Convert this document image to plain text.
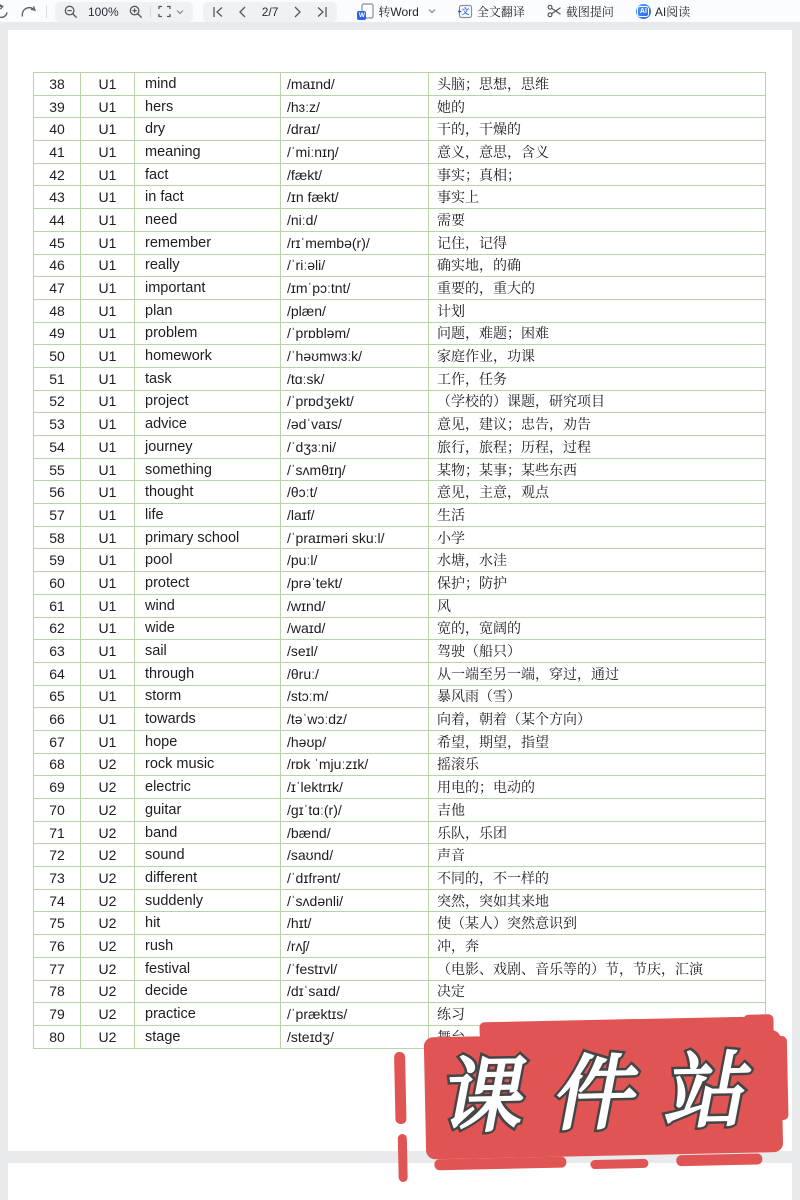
100%	2/7	W 转Word	文 全文翻译	截图提问	AI AI阅读
38	U1	mind	/maɪnd/	头脑；思想，思维
39	U1	hers	/hɜːz/	她的
40	U1	dry	/draɪ/	干的，干燥的
41	U1	meaning	/ˈmiːnɪŋ/	意义，意思，含义
42	U1	fact	/fækt/	事实；真相；
43	U1	in fact	/ɪn fækt/	事实上
44	U1	need	/niːd/	需要
45	U1	remember	/rɪˈmembə(r)/	记住，记得
46	U1	really	/ˈriːəli/	确实地，的确
47	U1	important	/ɪmˈpɔːtnt/	重要的，重大的
48	U1	plan	/plæn/	计划
49	U1	problem	/ˈprɒbləm/	问题，难题；困难
50	U1	homework	/ˈhəʊmwɜːk/	家庭作业，功课
51	U1	task	/tɑːsk/	工作，任务
52	U1	project	/ˈprɒdʒekt/	（学校的）课题，研究项目
53	U1	advice	/ədˈvaɪs/	意见，建议；忠告，劝告
54	U1	journey	/ˈdʒɜːni/	旅行，旅程；历程，过程
55	U1	something	/ˈsʌmθɪŋ/	某物；某事；某些东西
56	U1	thought	/θɔːt/	意见，主意，观点
57	U1	life	/laɪf/	生活
58	U1	primary school	/ˈpraɪməri skuːl/	小学
59	U1	pool	/puːl/	水塘，水洼
60	U1	protect	/prəˈtekt/	保护；防护
61	U1	wind	/wɪnd/	风
62	U1	wide	/waɪd/	宽的，宽阔的
63	U1	sail	/seɪl/	驾驶（船只）
64	U1	through	/θruː/	从一端至另一端，穿过，通过
65	U1	storm	/stɔːm/	暴风雨（雪）
66	U1	towards	/təˈwɔːdz/	向着，朝着（某个方向）
67	U1	hope	/həʊp/	希望，期望，指望
68	U2	rock music	/rɒk ˈmjuːzɪk/	摇滚乐
69	U2	electric	/ɪˈlektrɪk/	用电的；电动的
70	U2	guitar	/gɪˈtɑː(r)/	吉他
71	U2	band	/bænd/	乐队，乐团
72	U2	sound	/saʊnd/	声音
73	U2	different	/ˈdɪfrənt/	不同的，不一样的
74	U2	suddenly	/ˈsʌdənli/	突然，突如其来地
75	U2	hit	/hɪt/	使（某人）突然意识到
76	U2	rush	/rʌʃ/	冲，奔
77	U2	festival	/ˈfestɪvl/	（电影、戏剧、音乐等的）节，节庆，汇演
78	U2	decide	/dɪˈsaɪd/	决定
79	U2	practice	/ˈpræktɪs/	练习
80	U2	stage	/steɪdʒ/	
课件站
